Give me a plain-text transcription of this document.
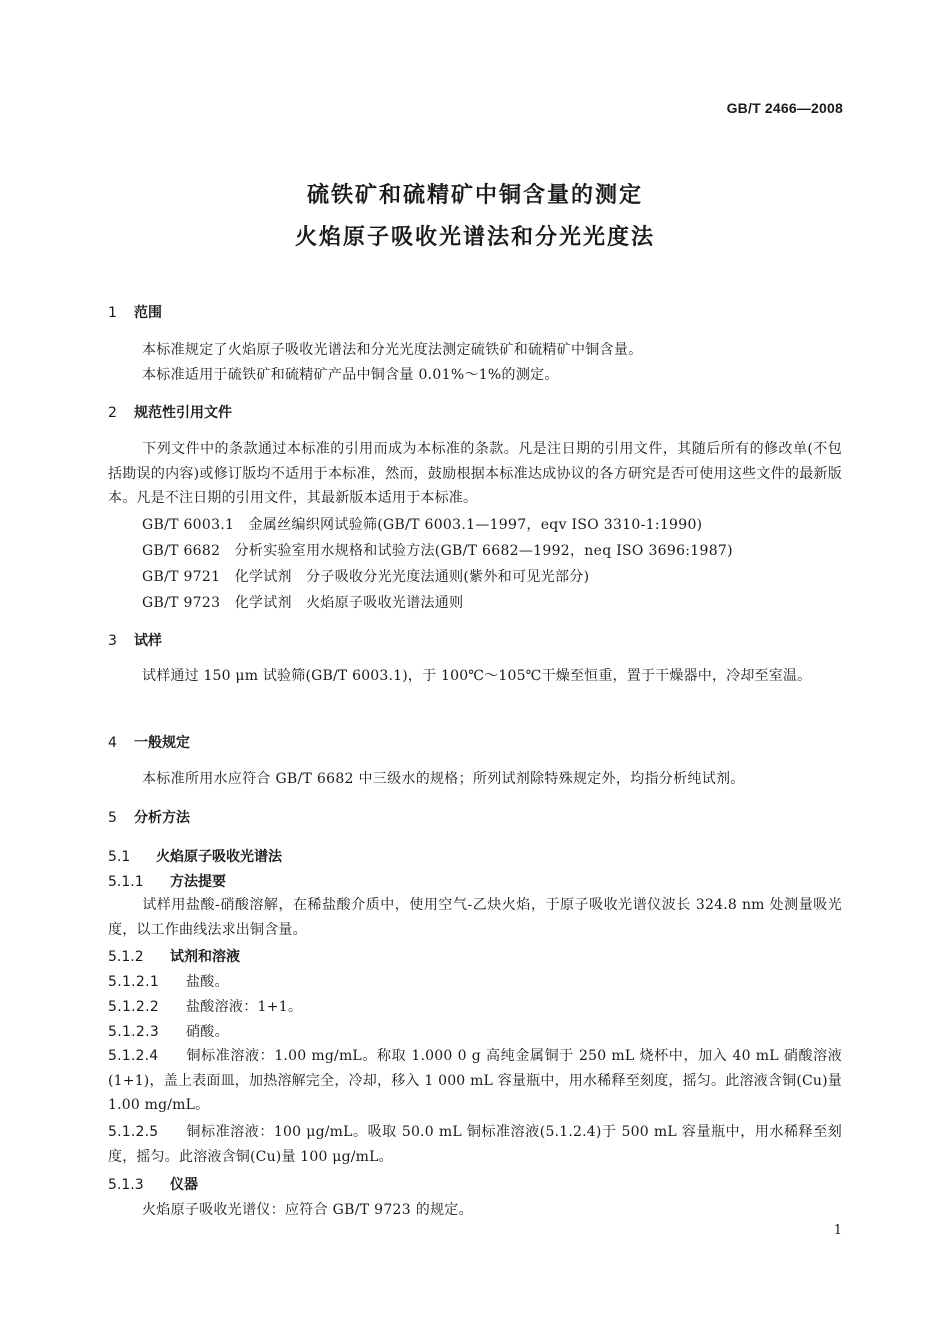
GB/T 2466—2008
硫铁矿和硫精矿中铜含量的测定
火焰原子吸收光谱法和分光光度法
1 范围
本标准规定了火焰原子吸收光谱法和分光光度法测定硫铁矿和硫精矿中铜含量。
本标准适用于硫铁矿和硫精矿产品中铜含量 0.01%～1%的测定。
2 规范性引用文件
下列文件中的条款通过本标准的引用而成为本标准的条款。凡是注日期的引用文件，其随后所有的修改单(不包括勘误的内容)或修订版均不适用于本标准，然而，鼓励根据本标准达成协议的各方研究是否可使用这些文件的最新版本。凡是不注日期的引用文件，其最新版本适用于本标准。
GB/T 6003.1　金属丝编织网试验筛(GB/T 6003.1—1997，eqv ISO 3310-1:1990)
GB/T 6682　分析实验室用水规格和试验方法(GB/T 6682—1992，neq ISO 3696:1987)
GB/T 9721　化学试剂　分子吸收分光光度法通则(紫外和可见光部分)
GB/T 9723　化学试剂　火焰原子吸收光谱法通则
3 试样
试样通过 150 μm 试验筛(GB/T 6003.1)，于 100℃～105℃干燥至恒重，置于干燥器中，冷却至室温。
4 一般规定
本标准所用水应符合 GB/T 6682 中三级水的规格；所列试剂除特殊规定外，均指分析纯试剂。
5 分析方法
5.1 火焰原子吸收光谱法
5.1.1 方法提要
试样用盐酸-硝酸溶解，在稀盐酸介质中，使用空气-乙炔火焰，于原子吸收光谱仪波长 324.8 nm 处测量吸光度，以工作曲线法求出铜含量。
5.1.2 试剂和溶液
5.1.2.1 盐酸。
5.1.2.2 盐酸溶液：1+1。
5.1.2.3 硝酸。
5.1.2.4 铜标准溶液：1.00 mg/mL。称取 1.000 0 g 高纯金属铜于 250 mL 烧杯中，加入 40 mL 硝酸溶液(1+1)，盖上表面皿，加热溶解完全，冷却，移入 1 000 mL 容量瓶中，用水稀释至刻度，摇匀。此溶液含铜(Cu)量 1.00 mg/mL。
5.1.2.5 铜标准溶液：100 μg/mL。吸取 50.0 mL 铜标准溶液(5.1.2.4)于 500 mL 容量瓶中，用水稀释至刻度，摇匀。此溶液含铜(Cu)量 100 μg/mL。
5.1.3 仪器
火焰原子吸收光谱仪：应符合 GB/T 9723 的规定。
1
